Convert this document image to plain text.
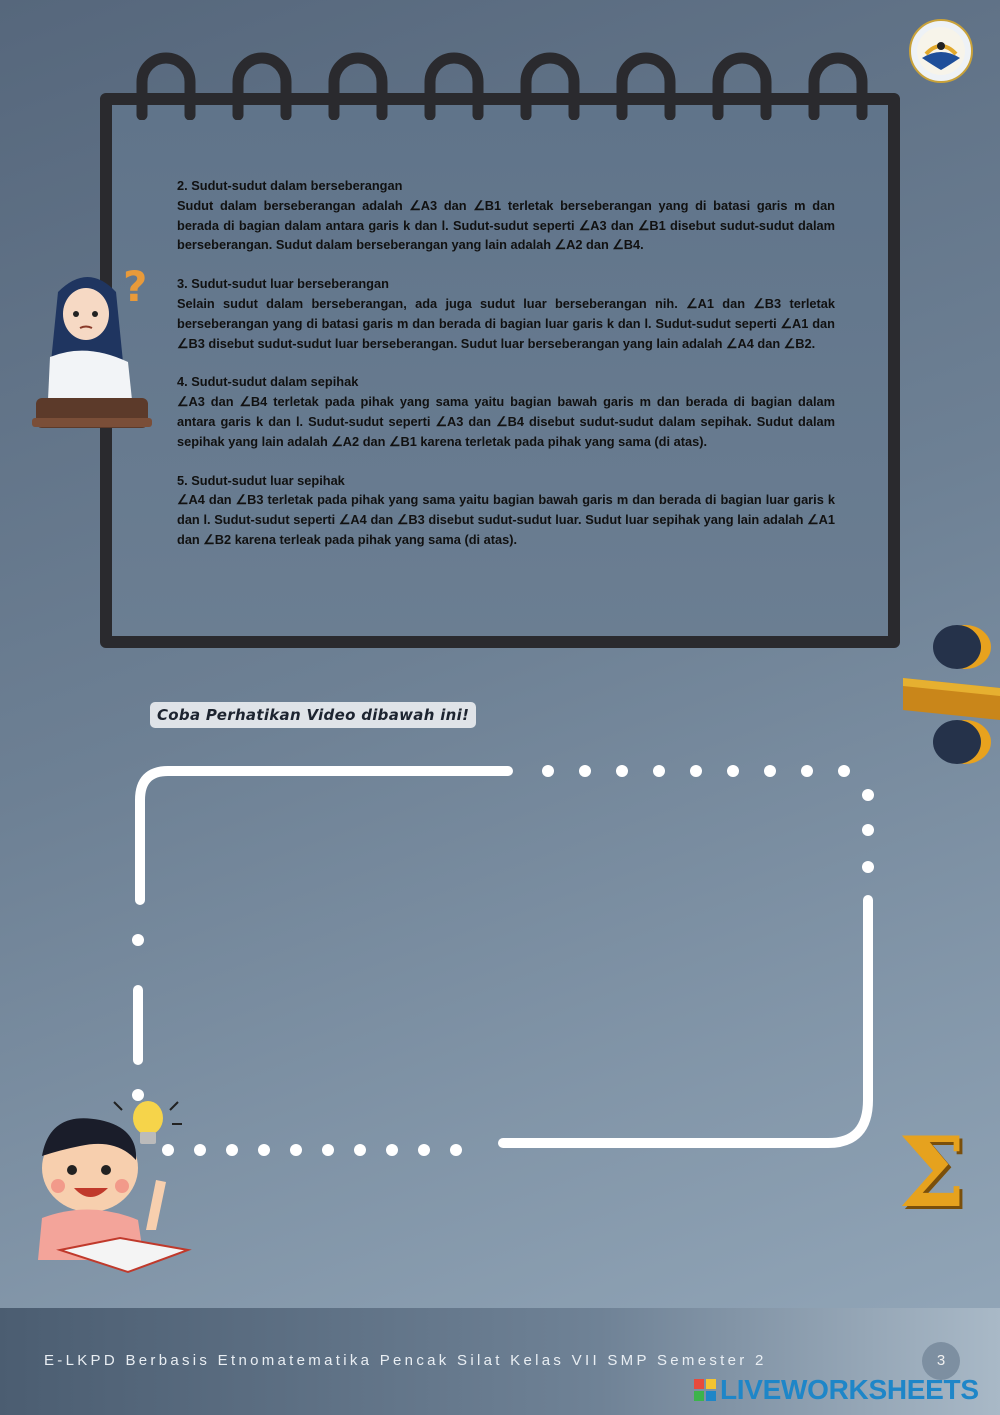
2. Sudut-sudut dalam berseberangan
Sudut dalam berseberangan adalah ∠A3 dan ∠B1 terletak berseberangan yang di batasi garis m dan berada di bagian dalam antara garis k dan l. Sudut-sudut seperti ∠A3 dan ∠B1 disebut sudut-sudut dalam berseberangan. Sudut dalam berseberangan yang lain adalah ∠A2 dan ∠B4.
3. Sudut-sudut luar berseberangan
Selain sudut dalam berseberangan, ada juga sudut luar berseberangan nih. ∠A1 dan ∠B3 terletak berseberangan yang di batasi garis m dan berada di bagian luar garis k dan l. Sudut-sudut seperti ∠A1 dan ∠B3 disebut sudut-sudut luar berseberangan. Sudut luar berseberangan yang lain adalah ∠A4 dan ∠B2.
4. Sudut-sudut dalam sepihak
∠A3 dan ∠B4 terletak pada pihak yang sama yaitu bagian bawah garis m dan berada di bagian dalam antara garis k dan l. Sudut-sudut seperti ∠A3 dan ∠B4 disebut sudut-sudut dalam sepihak. Sudut dalam sepihak yang lain adalah ∠A2 dan ∠B1 karena terletak pada pihak yang sama (di atas).
5. Sudut-sudut luar sepihak
∠A4 dan ∠B3 terletak pada pihak yang sama yaitu bagian bawah garis m dan berada di bagian luar garis k dan l. Sudut-sudut seperti ∠A4 dan ∠B3 disebut sudut-sudut luar. Sudut luar sepihak yang lain adalah ∠A1 dan ∠B2 karena terleak pada pihak yang sama (di atas).
?
Coba Perhatikan Video dibawah ini!
Σ
E-LKPD Berbasis Etnomatematika Pencak Silat Kelas VII SMP Semester 2	3
LIVEWORKSHEETS
